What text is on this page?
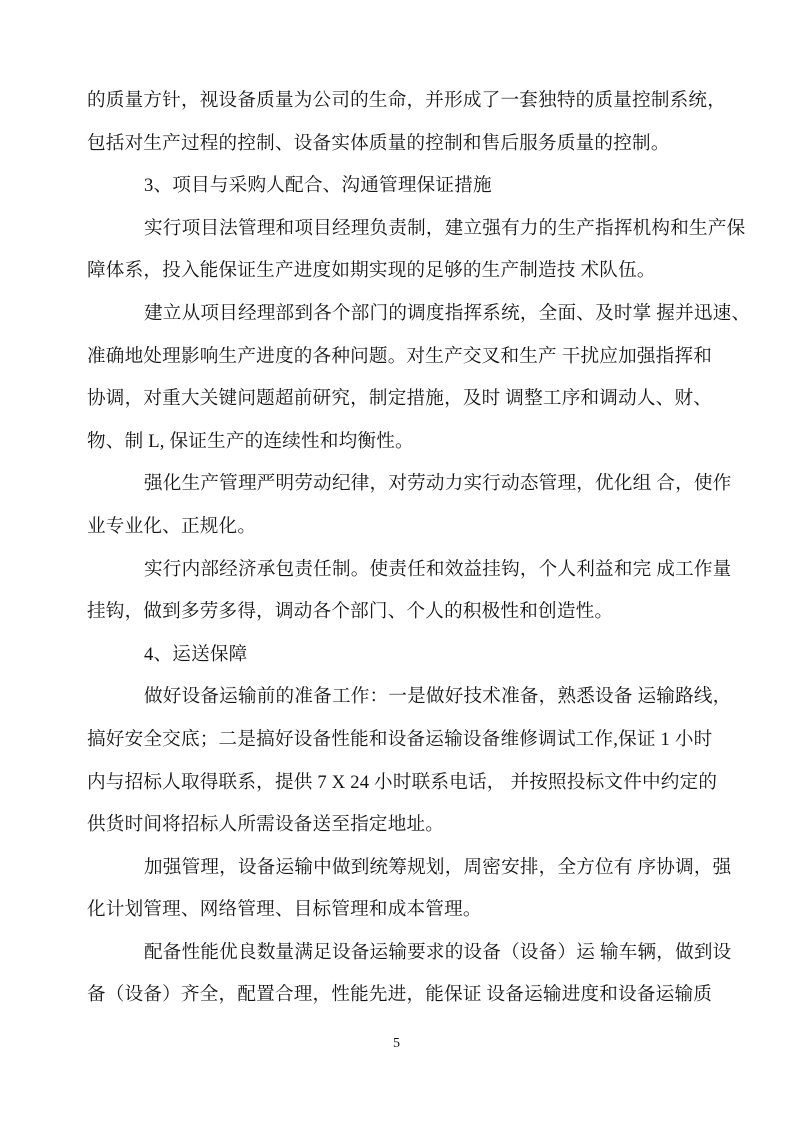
的质量方针，视设备质量为公司的生命，并形成了一套独特的质量控制系统，
包括对生产过程的控制、设备实体质量的控制和售后服务质量的控制。
3、项目与采购人配合、沟通管理保证措施
实行项目法管理和项目经理负责制，建立强有力的生产指挥机构和生产保
障体系，投入能保证生产进度如期实现的足够的生产制造技 术队伍。
建立从项目经理部到各个部门的调度指挥系统，全面、及时掌 握并迅速、
准确地处理影响生产进度的各种问题。对生产交叉和生产 干扰应加强指挥和
协调，对重大关键问题超前研究，制定措施，及时 调整工序和调动人、财、
物、制 L, 保证生产的连续性和均衡性。
强化生产管理严明劳动纪律，对劳动力实行动态管理，优化组 合，使作
业专业化、正规化。
实行内部经济承包责任制。使责任和效益挂钩，个人利益和完 成工作量
挂钩，做到多劳多得，调动各个部门、个人的积极性和创造性。
4、运送保障
做好设备运输前的准备工作：一是做好技术准备，熟悉设备 运输路线，
搞好安全交底；二是搞好设备性能和设备运输设备维修调试工作,保证 1 小时
内与招标人取得联系，提供 7 X 24 小时联系电话， 并按照投标文件中约定的
供货时间将招标人所需设备送至指定地址。
加强管理，设备运输中做到统筹规划，周密安排，全方位有 序协调，强
化计划管理、网络管理、目标管理和成本管理。
配备性能优良数量满足设备运输要求的设备（设备）运 输车辆，做到设
备（设备）齐全，配置合理，性能先进，能保证 设备运输进度和设备运输质
5
